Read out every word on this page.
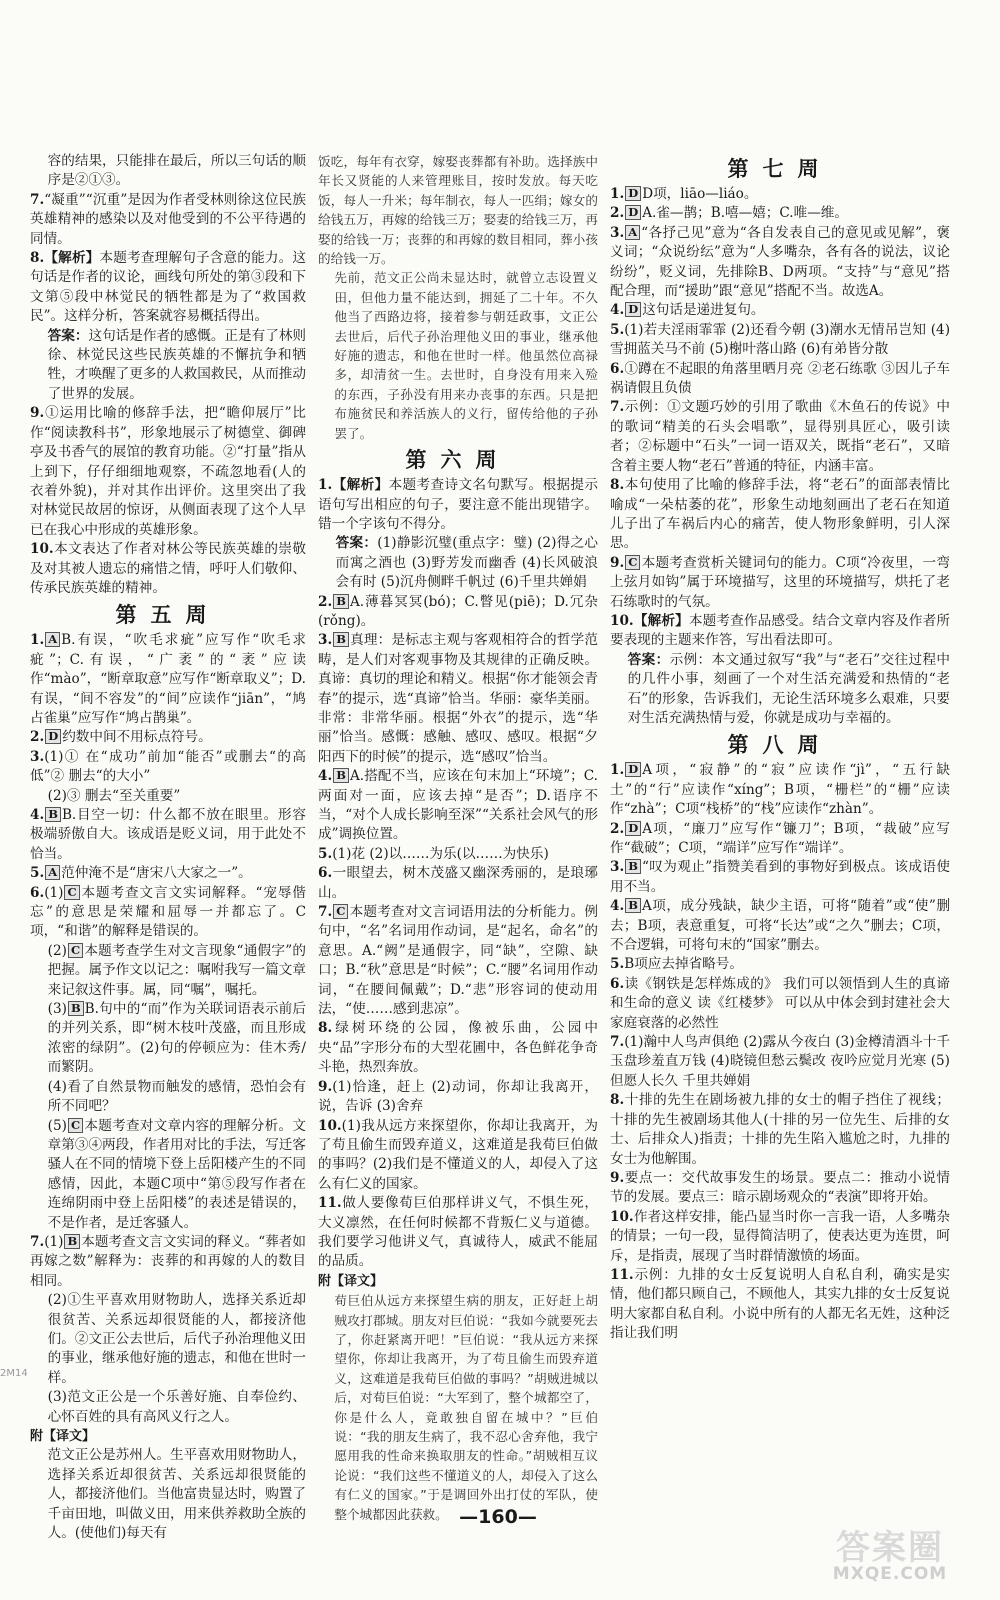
容的结果，只能排在最后，所以三句话的顺序是②①③。
7.“凝重”“沉重”是因为作者受林则徐这位民族英雄精神的感染以及对他受到的不公平待遇的同情。
8.【解析】本题考查理解句子含意的能力。这句话是作者的议论，画线句所处的第③段和下文第⑤段中林觉民的牺牲都是为了“救国救民”。这样分析，答案就容易概括得出。
答案：这句话是作者的感慨。正是有了林则徐、林觉民这些民族英雄的不懈抗争和牺牲，才唤醒了更多的人救国救民，从而推动了世界的发展。
9.①运用比喻的修辞手法，把“瞻仰展厅”比作“阅读教科书”，形象地展示了树德堂、御碑亭及书香气的展馆的教育功能。②“打量”指从上到下，仔仔细细地观察，不疏忽地看(人的衣着外貌)，并对其作出评价。这里突出了我对林觉民故居的惊讶，从侧面表现了这个人早已在我心中形成的英雄形象。
10.本文表达了作者对林公等民族英雄的崇敬及对其被人遗忘的痛惜之情，呼吁人们敬仰、传承民族英雄的精神。
第五周
1. A B.有误，“吹毛求疵”应写作“吹毛求疵”；C.有误，“广袤”的“袤”应读作“mào”，“断章取意”应写作“断章取义”；D.有误，“间不容发”的“间”应读作“jiān”，“鸠占雀巢”应写作“鸠占鹊巢”。
2. D 约数中间不用标点符号。
3.(1)① 在“成功”前加“能否”或删去“的高低”② 删去“的大小”
(2)③ 删去“至关重要”
4. B B.目空一切：什么都不放在眼里。形容极端骄傲自大。该成语是贬义词，用于此处不恰当。
5. A 范仲淹不是“唐宋八大家之一”。
6.(1) C 本题考查文言文实词解释。“宠辱偕忘”的意思是荣耀和屈辱一并都忘了。C项，“和谐”的解释是错误的。
(2) C 本题考查学生对文言现象“通假字”的把握。属予作文以记之：嘱咐我写一篇文章来记叙这件事。属，同“嘱”，嘱托。
(3) B B.句中的“而”作为关联词语表示前后的并列关系，即“树木枝叶茂盛，而且形成浓密的绿阴”。(2)句的停顿应为：佳木秀/而繁阴。
(4)看了自然景物而触发的感情，恐怕会有所不同吧？
(5) C 本题考查对文章内容的理解分析。文章第③④两段，作者用对比的手法，写迁客骚人在不同的情境下登上岳阳楼产生的不同感情，因此，本题C项中“第⑤段写作者在连绵阴雨中登上岳阳楼”的表述是错误的，不是作者，是迁客骚人。
7.(1) B 本题考查文言文实词的释义。“葬者如再嫁之数”解释为：丧葬的和再嫁的人的数目相同。
(2)①生平喜欢用财物助人，选择关系近却很贫苦、关系远却很贤能的人，都接济他们。②文正公去世后，后代子孙治理他义田的事业，继承他好施的遗志，和他在世时一样。
(3)范文正公是一个乐善好施、自奉俭约、心怀百姓的具有高风义行之人。
附【译文】
范文正公是苏州人。生平喜欢用财物助人，选择关系近却很贫苦、关系远却很贤能的人，都接济他们。当他富贵显达时，购置了千亩田地，叫做义田，用来供养救助全族的人。(使他们)每天有
饭吃，每年有衣穿，嫁娶丧葬都有补助。选择族中年长又贤能的人来管理账目，按时发放。每天吃饭，每人一升米；每年制衣，每人一匹绢；嫁女的给钱五万，再嫁的给钱三万；娶妻的给钱三万，再娶的给钱一万；丧葬的和再嫁的数目相同，葬小孩的给钱一万。
先前，范文正公尚未显达时，就曾立志设置义田，但他力量不能达到，拥延了二十年。不久他当了西路边将，接着参与朝廷政事，文正公去世后，后代子孙治理他义田的事业，继承他好施的遗志，和他在世时一样。他虽然位高禄多，却清贫一生。去世时，自身没有用来入殓的东西，子孙没有用来办丧事的东西。只是把布施贫民和养活族人的义行，留传给他的子孙罢了。
第六周
1.【解析】本题考查诗文名句默写。根据提示语句写出相应的句子，要注意不能出现错字。错一个字该句不得分。
答案：(1)静影沉璧(重点字：璧) (2)得之心而寓之酒也 (3)野芳发而幽香 (4)长风破浪会有时 (5)沉舟侧畔千帆过 (6)千里共婵娟
2. B A.薄暮冥冥(bó)；C.瞥见(piē)；D.冗杂(rǒng)。
3. B 真理：是标志主观与客观相符合的哲学范畴，是人们对客观事物及其规律的正确反映。真谛：真切的理论和精义。根据“你才能领会青春”的提示，选“真谛”恰当。华丽：豪华美丽。非常：非常华丽。根据“外衣”的提示，选“华丽”恰当。感慨：感触、感叹、感叹。根据“夕阳西下的时候”的提示，选“感叹”恰当。
4. B A.搭配不当，应该在句末加上“环境”；C.两面对一面，应该去掉“是否”；D.语序不当，“对个人成长影响至深”“关系社会风气的形成”调换位置。
5.(1)花 (2)以……为乐(以……为快乐)
6.一眼望去，树木茂盛又幽深秀丽的，是琅琊山。
7. C 本题考查对文言词语用法的分析能力。例句中，“名”名词用作动词，是“起名，命名”的意思。A.“阙”是通假字，同“缺”，空隙、缺口；B.“秋”意思是“时候”；C.“腰”名词用作动词，“在腰间佩戴”；D.“悲”形容词的使动用法，“使……感到悲凉”。
8.绿树环绕的公园，像被乐曲，公园中央“品”字形分布的大型花圃中，各色鲜花争奇斗艳，热烈奔放。
9.(1)恰逢，赶上 (2)动词，你却让我离开，说，告诉 (3)舍弃
10.(1)我从远方来探望你，你却让我离开，为了苟且偷生而毁弃道义，这难道是我荀巨伯做的事吗？(2)我们是不懂道义的人，却侵入了这么有仁义的国家。
11.做人要像荀巨伯那样讲义气，不惧生死，大义凛然，在任何时候都不背叛仁义与道德。我们要学习他讲义气，真诚待人，威武不能屈的品质。
附【译文】
荀巨伯从远方来探望生病的朋友，正好赶上胡贼攻打郡城。朋友对巨伯说：“我如今就要死去了，你赶紧离开吧！”巨伯说：“我从远方来探望你，你却让我离开，为了苟且偷生而毁弃道义，这难道是我荀巨伯做的事吗？”胡贼进城以后，对荀巨伯说：“大军到了，整个城都空了，你是什么人，竟敢独自留在城中？”巨伯说：“我的朋友生病了，我不忍心舍弃他，我宁愿用我的性命来换取朋友的性命。”胡贼相互议论说：“我们这些不懂道义的人，却侵入了这么有仁义的国家。”于是调回外出打仗的军队，使整个城都因此获救。
第七周
1. D D项，liāo—liáo。
2. D A.雀—鹊；B.嘻—嬉；C.唯—维。
3. A “各抒己见”意为“各自发表自己的意见或见解”，褒义词；“众说纷纭”意为“人多嘴杂，各有各的说法，议论纷纷”，贬义词，先排除B、D两项。“支持”与“意见”搭配合理，而“援助”跟“意见”搭配不当。故选A。
4. D 这句话是递进复句。
5.(1)若夫淫雨霏霏 (2)还看今朝 (3)潮水无情吊岂知 (4)雪拥蓝关马不前 (5)榭叶落山路 (6)有弟皆分散
6.①蹲在不起眼的角落里晒月亮 ②老石练歌 ③因儿子车祸请假且负债
7.示例：①文题巧妙的引用了歌曲《木鱼石的传说》中的歌词“精美的石头会唱歌”，显得别具匠心，吸引读者；②标题中“石头”一词一语双关，既指“老石”，又暗含着主要人物“老石”普通的特征，内涵丰富。
8.本句使用了比喻的修辞手法，将“老石”的面部表情比喻成“一朵枯萎的花”，形象生动地刻画出了老石在知道儿子出了车祸后内心的痛苦，使人物形象鲜明，引人深思。
9. C 本题考查赏析关键词句的能力。C项“冷夜里，一弯上弦月如钩”属于环境描写，这里的环境描写，烘托了老石练歌时的气氛。
10.【解析】本题考查作品感受。结合文章内容及作者所要表现的主题来作答，写出看法即可。
答案：示例：本文通过叙写“我”与“老石”交往过程中的几件小事，刻画了一个对生活充满爱和热情的“老石”的形象，告诉我们，无论生活环境多么艰难，只要对生活充满热情与爱，你就是成功与幸福的。
第八周
1. D A项，“寂静”的“寂”应读作“jì”，“五行缺土”的“行”应读作“xíng”；B项，“栅栏”的“栅”应读作“zhà”；C项“栈桥”的“栈”应读作“zhàn”。
2. D A项，“廉刀”应写作“镰刀”；B项，“裁破”应写作“截破”；C项，“端详”应写作“端详”。
3. B “叹为观止”指赞美看到的事物好到极点。该成语使用不当。
4. B A项，成分残缺，缺少主语，可将“随着”或“使”删去；B项，表意重复，可将“长达”或“之久”删去；C项，不合逻辑，可将句末的“国家”删去。
5.B项应去掉省略号。
6.读《钢铁是怎样炼成的》 我们可以领悟到人生的真谛和生命的意义 读《红楼梦》 可以从中体会到封建社会大家庭衰落的必然性
7.(1)瀚中人鸟声俱绝 (2)露从今夜白 (3)金樽清酒斗十千 玉盘珍羞直万钱 (4)晓镜但愁云鬓改 夜吟应觉月光寒 (5)但愿人长久 千里共婵娟
8.十排的先生在剧场被九排的女士的帽子挡住了视线；十排的先生被剧场其他人(十排的另一位先生、后排的女士、后排众人)指责；十排的先生陷入尴尬之时，九排的女士为他解围。
9.要点一：交代故事发生的场景。要点二：推动小说情节的发展。要点三：暗示剧场观众的“表演”即将开始。
10.作者这样安排，能凸显当时你一言我一语，人多嘴杂的情景；一句一段，显得简洁明了，使表达更为连贯，呵斥，是指责，展现了当时群情激愤的场面。
11.示例：九排的女士反复说明人自私自利，确实是实情，他们都只顾自己，不顾他人，其实九排的女士反复说明大家都自私自利。小说中所有的人都无名无姓，这种泛指让我们明
—160—
2M14
答案圈
MXQE.COM
